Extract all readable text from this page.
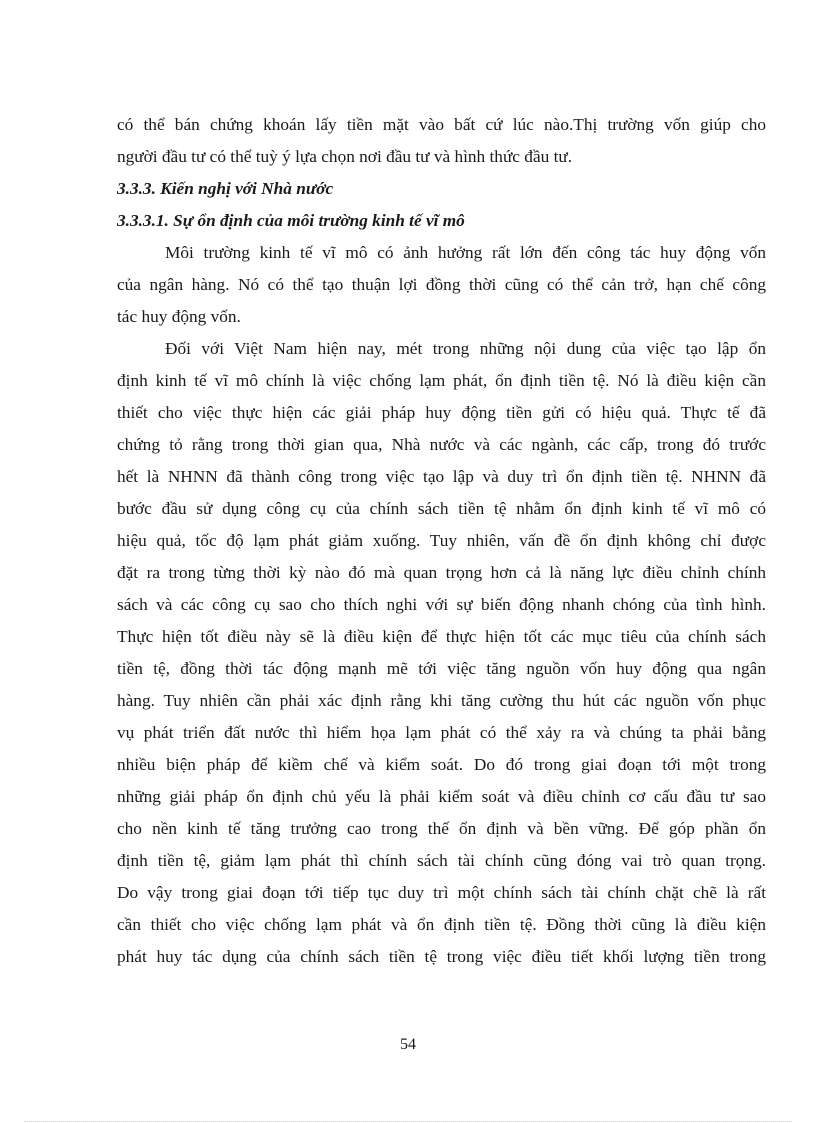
có thể bán chứng khoán lấy tiền mặt vào bất cứ lúc nào.Thị trường vốn giúp cho
người đầu tư có thể tuỳ ý lựa chọn nơi đầu tư và hình thức đầu tư.
3.3.3. Kiến nghị với Nhà nước
3.3.3.1. Sự ổn định của môi trường kinh tế vĩ mô
Môi trường kinh tế vĩ mô có ảnh hưởng rất lớn đến công tác huy động vốn
của ngân hàng. Nó có thể tạo thuận lợi đồng thời cũng có thể cản trở, hạn chế công
tác huy động vốn.
Đối với Việt Nam hiện nay, mét trong những nội dung của việc tạo lập ổn
định kinh tế vĩ mô chính là việc chống lạm phát, ổn định tiền tệ. Nó là điều kiện cần
thiết cho việc thực hiện các giải pháp huy động tiền gửi có hiệu quả. Thực tế đã
chứng tỏ rằng trong thời gian qua, Nhà nước và các ngành, các cấp, trong đó trước
hết là NHNN đã thành công trong việc tạo lập và duy trì ổn định tiền tệ. NHNN đã
bước đầu sử dụng công cụ của chính sách tiền tệ nhằm ổn định kinh tế vĩ mô có
hiệu quả, tốc độ lạm phát giảm xuống. Tuy nhiên, vấn đề ổn định không chỉ được
đặt ra trong từng thời kỳ nào đó mà quan trọng hơn cả là năng lực điều chỉnh chính
sách và các công cụ sao cho thích nghi với sự biến động nhanh chóng của tình hình.
Thực hiện tốt điều này sẽ là điều kiện để thực hiện tốt các mục tiêu của chính sách
tiền tệ, đồng thời tác động mạnh mẽ tới việc tăng nguồn vốn huy động qua ngân
hàng. Tuy nhiên cần phải xác định rằng khi tăng cường thu hút các nguồn vốn phục
vụ phát triển đất nước thì hiểm họa lạm phát có thể xảy ra và chúng ta phải bằng
nhiều biện pháp để kiềm chế và kiểm soát. Do đó trong giai đoạn tới một trong
những giải pháp ổn định chủ yếu là phải kiểm soát và điều chỉnh cơ cấu đầu tư sao
cho nền kinh tế tăng trưởng cao trong thế ổn định và bền vững. Để góp phần ổn
định tiền tệ, giảm lạm phát thì chính sách tài chính cũng đóng vai trò quan trọng.
Do vậy trong giai đoạn tới tiếp tục duy trì một chính sách tài chính chặt chẽ là rất
cần thiết cho việc chống lạm phát và ổn định tiền tệ. Đồng thời cũng là điều kiện
phát huy tác dụng của chính sách tiền tệ trong việc điều tiết khối lượng tiền trong
54
